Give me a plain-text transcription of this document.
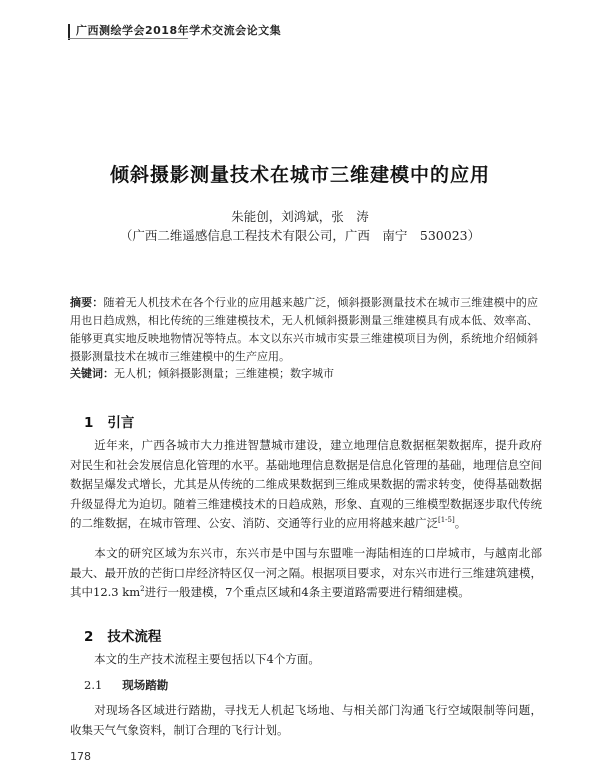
广西测绘学会2018年学术交流会论文集
倾斜摄影测量技术在城市三维建模中的应用
朱能创，刘鸿斌，张　涛
（广西二维遥感信息工程技术有限公司，广西　南宁　530023）
摘要：随着无人机技术在各个行业的应用越来越广泛，倾斜摄影测量技术在城市三维建模中的应用也日趋成熟，相比传统的三维建模技术，无人机倾斜摄影测量三维建模具有成本低、效率高、能够更真实地反映地物情况等特点。本文以东兴市城市实景三维建模项目为例，系统地介绍倾斜摄影测量技术在城市三维建模中的生产应用。
关键词：无人机；倾斜摄影测量；三维建模；数字城市
1 引言
近年来，广西各城市大力推进智慧城市建设，建立地理信息数据框架数据库，提升政府对民生和社会发展信息化管理的水平。基础地理信息数据是信息化管理的基础，地理信息空间数据呈爆发式增长，尤其是从传统的二维成果数据到三维成果数据的需求转变，使得基础数据升级显得尤为迫切。随着三维建模技术的日趋成熟，形象、直观的三维模型数据逐步取代传统的二维数据，在城市管理、公安、消防、交通等行业的应用将越来越广泛[1-5]。
本文的研究区域为东兴市，东兴市是中国与东盟唯一海陆相连的口岸城市，与越南北部最大、最开放的芒街口岸经济特区仅一河之隔。根据项目要求，对东兴市进行三维建筑建模，其中12.3 $km^2$进行一般建模，7个重点区域和4条主要道路需要进行精细建模。
2 技术流程
本文的生产技术流程主要包括以下4个方面。
2.1 现场踏勘
对现场各区域进行踏勘，寻找无人机起飞场地、与相关部门沟通飞行空域限制等问题，收集天气气象资料，制订合理的飞行计划。
178
